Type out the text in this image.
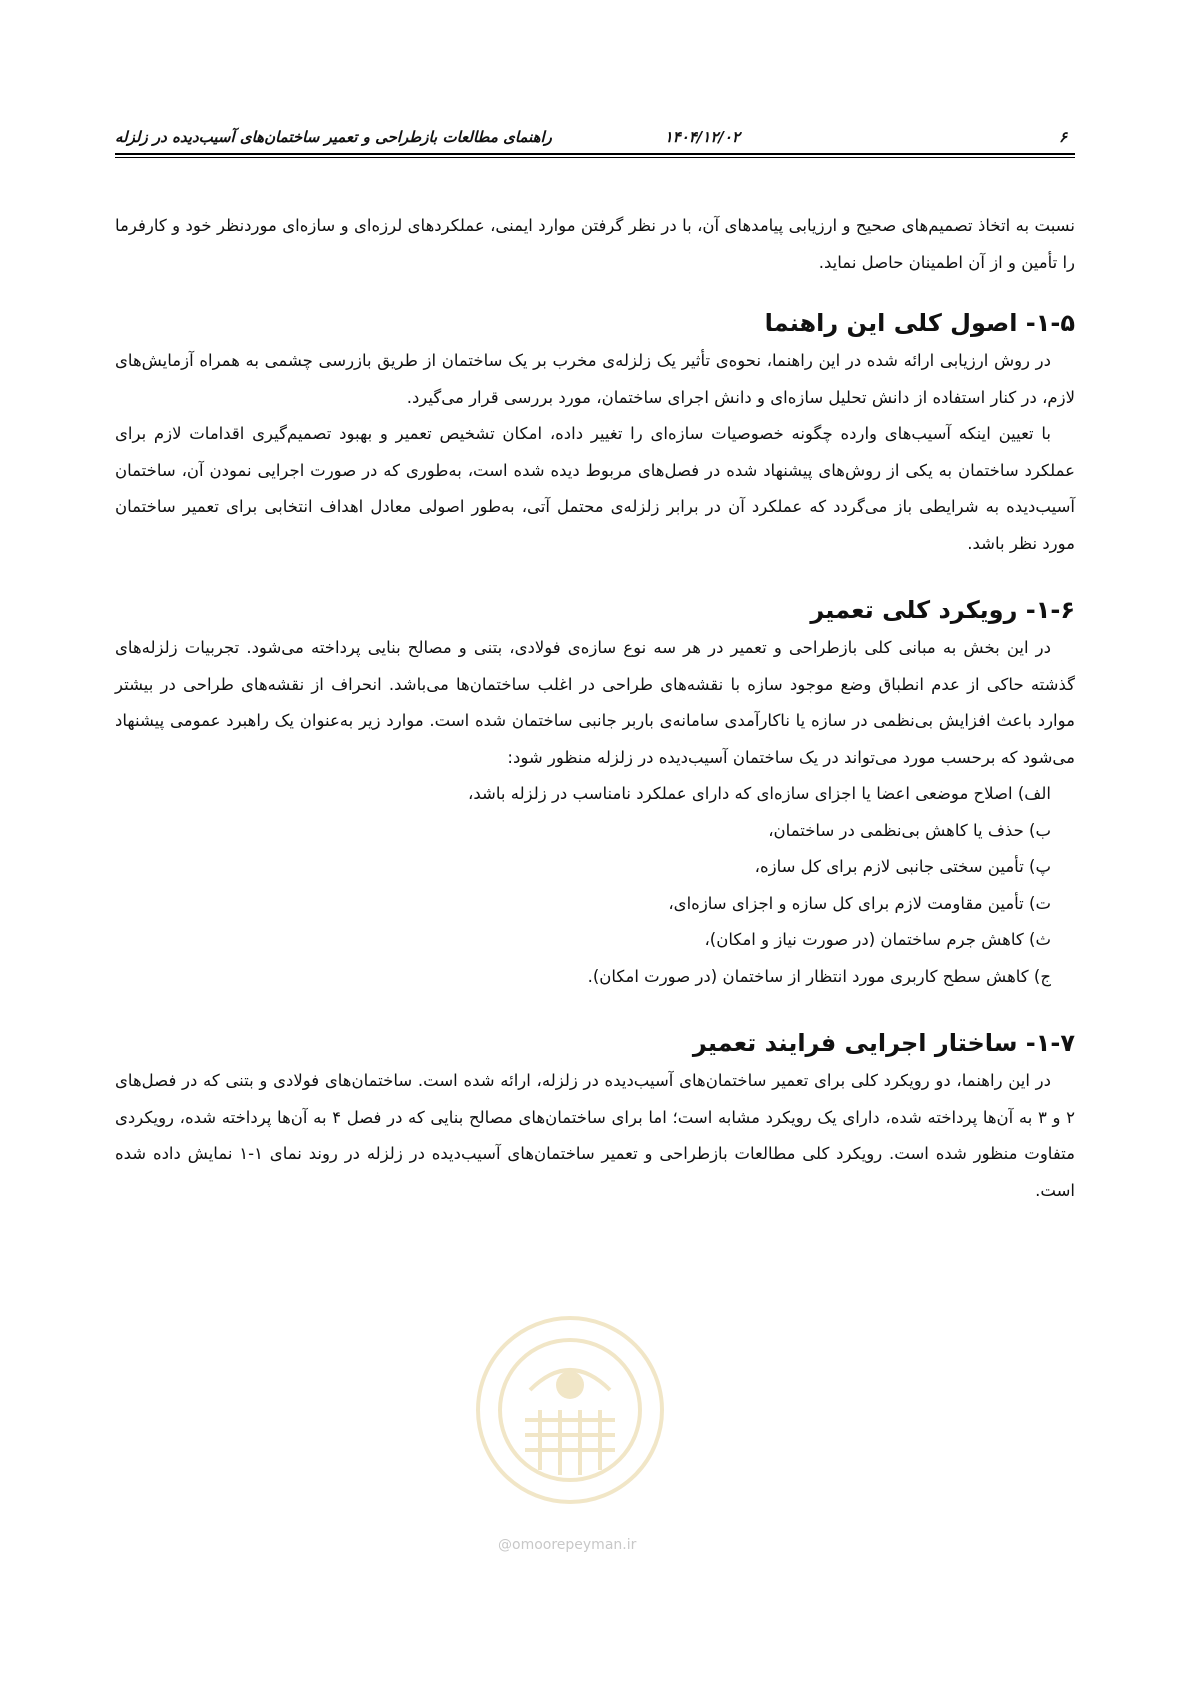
۶
۱۴۰۴/۱۲/۰۲
راهنمای مطالعات بازطراحی و تعمیر ساختمان‌های آسیب‌دیده در زلزله

نسبت به اتخاذ تصمیم‌های صحیح و ارزیابی پیامدهای آن، با در نظر گرفتن موارد ایمنی، عملکردهای لرزه‌ای و سازه‌ای موردنظر خود و کارفرما را تأمین و از آن اطمینان حاصل نماید.

۱-۵- اصول کلی این راهنما

در روش ارزیابی ارائه شده در این راهنما، نحوه‌ی تأثیر یک زلزله‌ی مخرب بر یک ساختمان از طریق بازرسی چشمی به همراه آزمایش‌های لازم، در کنار استفاده از دانش تحلیل سازه‌ای و دانش اجرای ساختمان، مورد بررسی قرار می‌گیرد.

با تعیین اینکه آسیب‌های وارده چگونه خصوصیات سازه‌ای را تغییر داده، امکان تشخیص تعمیر و بهبود تصمیم‌گیری اقدامات لازم برای عملکرد ساختمان به یکی از روش‌های پیشنهاد شده در فصل‌های مربوط دیده شده است، به‌طوری که در صورت اجرایی نمودن آن، ساختمان آسیب‌دیده به شرایطی باز می‌گردد که عملکرد آن در برابر زلزله‌ی محتمل آتی، به‌طور اصولی معادل اهداف انتخابی برای تعمیر ساختمان مورد نظر باشد.

۱-۶- رویکرد کلی تعمیر

در این بخش به مبانی کلی بازطراحی و تعمیر در هر سه نوع سازه‌ی فولادی، بتنی و مصالح بنایی پرداخته می‌شود. تجربیات زلزله‌های گذشته حاکی از عدم انطباق وضع موجود سازه با نقشه‌های طراحی در اغلب ساختمان‌ها می‌باشد. انحراف از نقشه‌های طراحی در بیشتر موارد باعث افزایش بی‌نظمی در سازه یا ناکارآمدی سامانه‌ی باربر جانبی ساختمان شده است. موارد زیر به‌عنوان یک راهبرد عمومی پیشنهاد می‌شود که برحسب مورد می‌تواند در یک ساختمان آسیب‌دیده در زلزله منظور شود:

الف) اصلاح موضعی اعضا یا اجزای سازه‌ای که دارای عملکرد نامناسب در زلزله باشد،
ب) حذف یا کاهش بی‌نظمی در ساختمان،
پ) تأمین سختی جانبی لازم برای کل سازه،
ت) تأمین مقاومت لازم برای کل سازه و اجزای سازه‌ای،
ث) کاهش جرم ساختمان (در صورت نیاز و امکان)،
ج) کاهش سطح کاربری مورد انتظار از ساختمان (در صورت امکان).
۱-۷- ساختار اجرایی فرایند تعمیر

در این راهنما، دو رویکرد کلی برای تعمیر ساختمان‌های آسیب‌دیده در زلزله، ارائه شده است. ساختمان‌های فولادی و بتنی که در فصل‌های ۲ و ۳ به آن‌ها پرداخته شده، دارای یک رویکرد مشابه است؛ اما برای ساختمان‌های مصالح بنایی که در فصل ۴ به آن‌ها پرداخته شده، رویکردی متفاوت منظور شده است. رویکرد کلی مطالعات بازطراحی و تعمیر ساختمان‌های آسیب‌دیده در زلزله در روند نمای ۱-۱ نمایش داده شده است.

@omoorepeyman.ir
